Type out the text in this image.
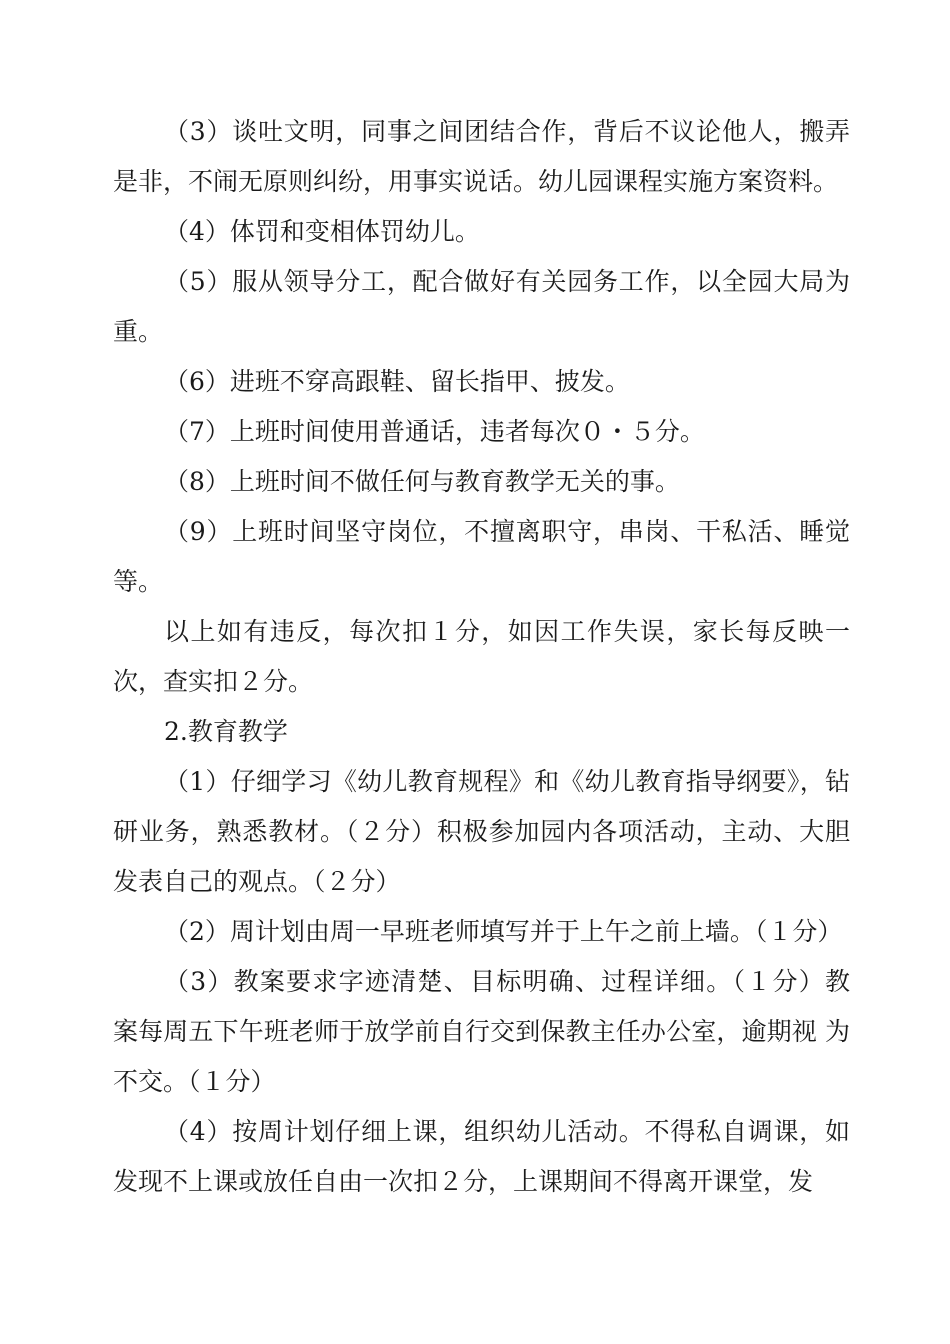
（3）谈吐文明，同事之间团结合作，背后不议论他人，搬弄 是非，不闹无原则纠纷，用事实说话。幼儿园课程实施方案资料。

（4）体罚和变相体罚幼儿。

（5）服从领导分工，配合做好有关园务工作，以全园大局为重。

（6）进班不穿高跟鞋、留长指甲、披发。

（7）上班时间使用普通话，违者每次０・５分。

（8）上班时间不做任何与教育教学无关的事。

（9）上班时间坚守岗位，不擅离职守，串岗、干私活、睡觉等。

以上如有违反，每次扣１分，如因工作失误，家长每反映一次，查实扣２分。

2.教育教学

（1）仔细学习《幼儿教育规程》和《幼儿教育指导纲要》，钻研业务，熟悉教材。（２分）积极参加园内各项活动，主动、大胆 发表自己的观点。（２分）

（2）周计划由周一早班老师填写并于上午之前上墙。（１分）

（3）教案要求字迹清楚、目标明确、过程详细。（１分）教 案每周五下午班老师于放学前自行交到保教主任办公室，逾期视 为不交。（１分）

（4）按周计划仔细上课，组织幼儿活动。不得私自调课，如 发现不上课或放任自由一次扣２分，上课期间不得离开课堂，发
